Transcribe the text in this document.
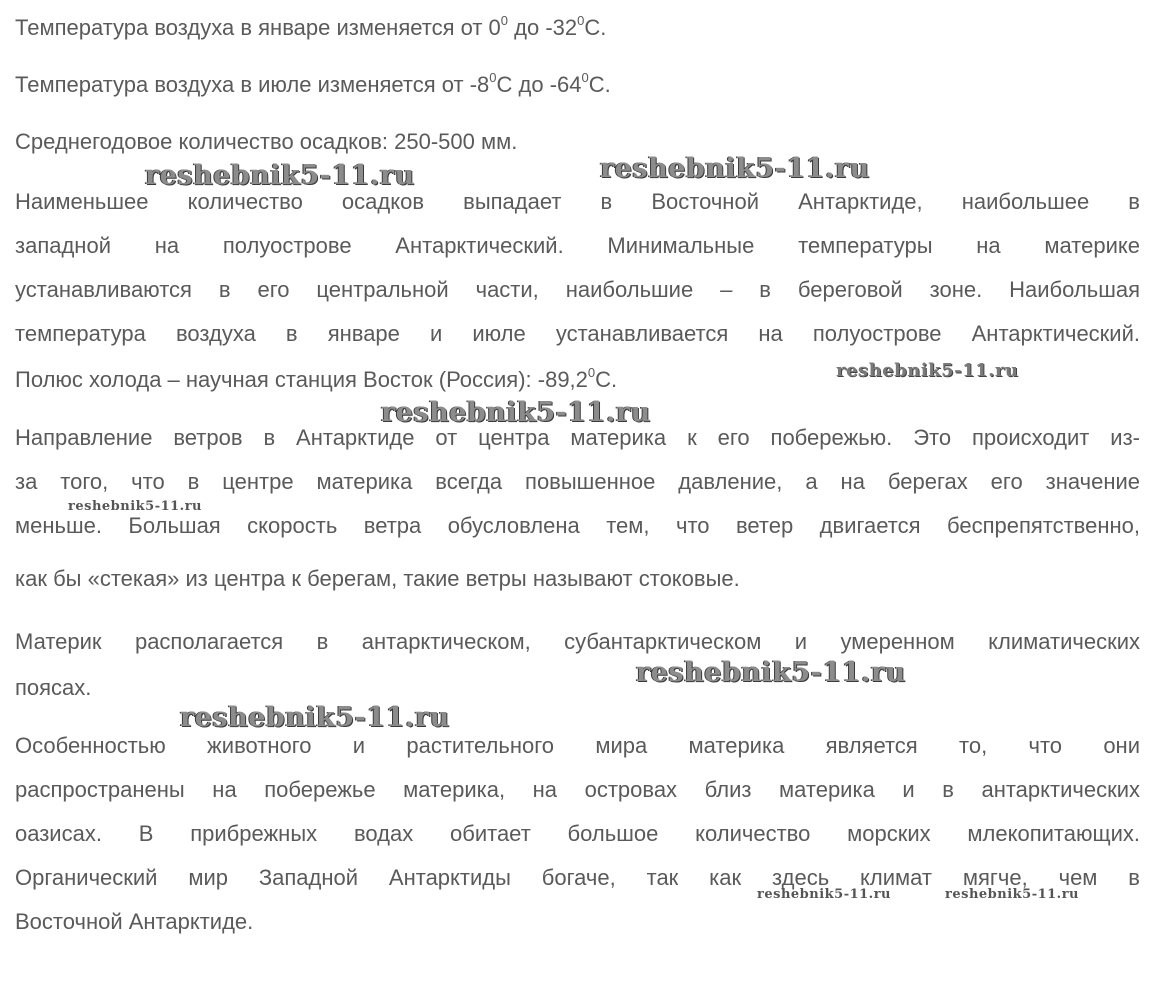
Температура воздуха в январе изменяется от $0^0$ до $-32^0С$.

Температура воздуха в июле изменяется от $-8^0С$ до $-64^0С$.

Среднегодовое количество осадков: 250-500 мм.

Наименьшее количество осадков выпадает в Восточной Антарктиде, наибольшее в

западной на полуострове Антарктический. Минимальные температуры на материке

устанавливаются в его центральной части, наибольшие – в береговой зоне. Наибольшая

температура воздуха в январе и июле устанавливается на полуострове Антарктический.

Полюс холода – научная станция Восток (Россия): -89,2$^0$С.

Направление ветров в Антарктиде от центра материка к его побережью. Это происходит из-

за того, что в центре материка всегда повышенное давление, а на берегах его значение

меньше. Большая скорость ветра обусловлена тем, что ветер двигается беспрепятственно,

как бы «стекая» из центра к берегам, такие ветры называют стоковые.

Материк располагается в антарктическом, субантарктическом и умеренном климатических

поясах.

Особенностью животного и растительного мира материка является то, что они

распространены на побережье материка, на островах близ материка и в антарктических

оазисах. В прибрежных водах обитает большое количество морских млекопитающих.

Органический мир Западной Антарктиды богаче, так как здесь климат мягче, чем в

Восточной Антарктиде.

reshebnik5-11.ru	reshebnik5-11.ru
reshebnik5-11.ru
reshebnik5-11.ru
reshebnik5-11.ru
reshebnik5-11.ru
reshebnik5-11.ru
reshebnik5-11.ru	reshebnik5-11.ru
